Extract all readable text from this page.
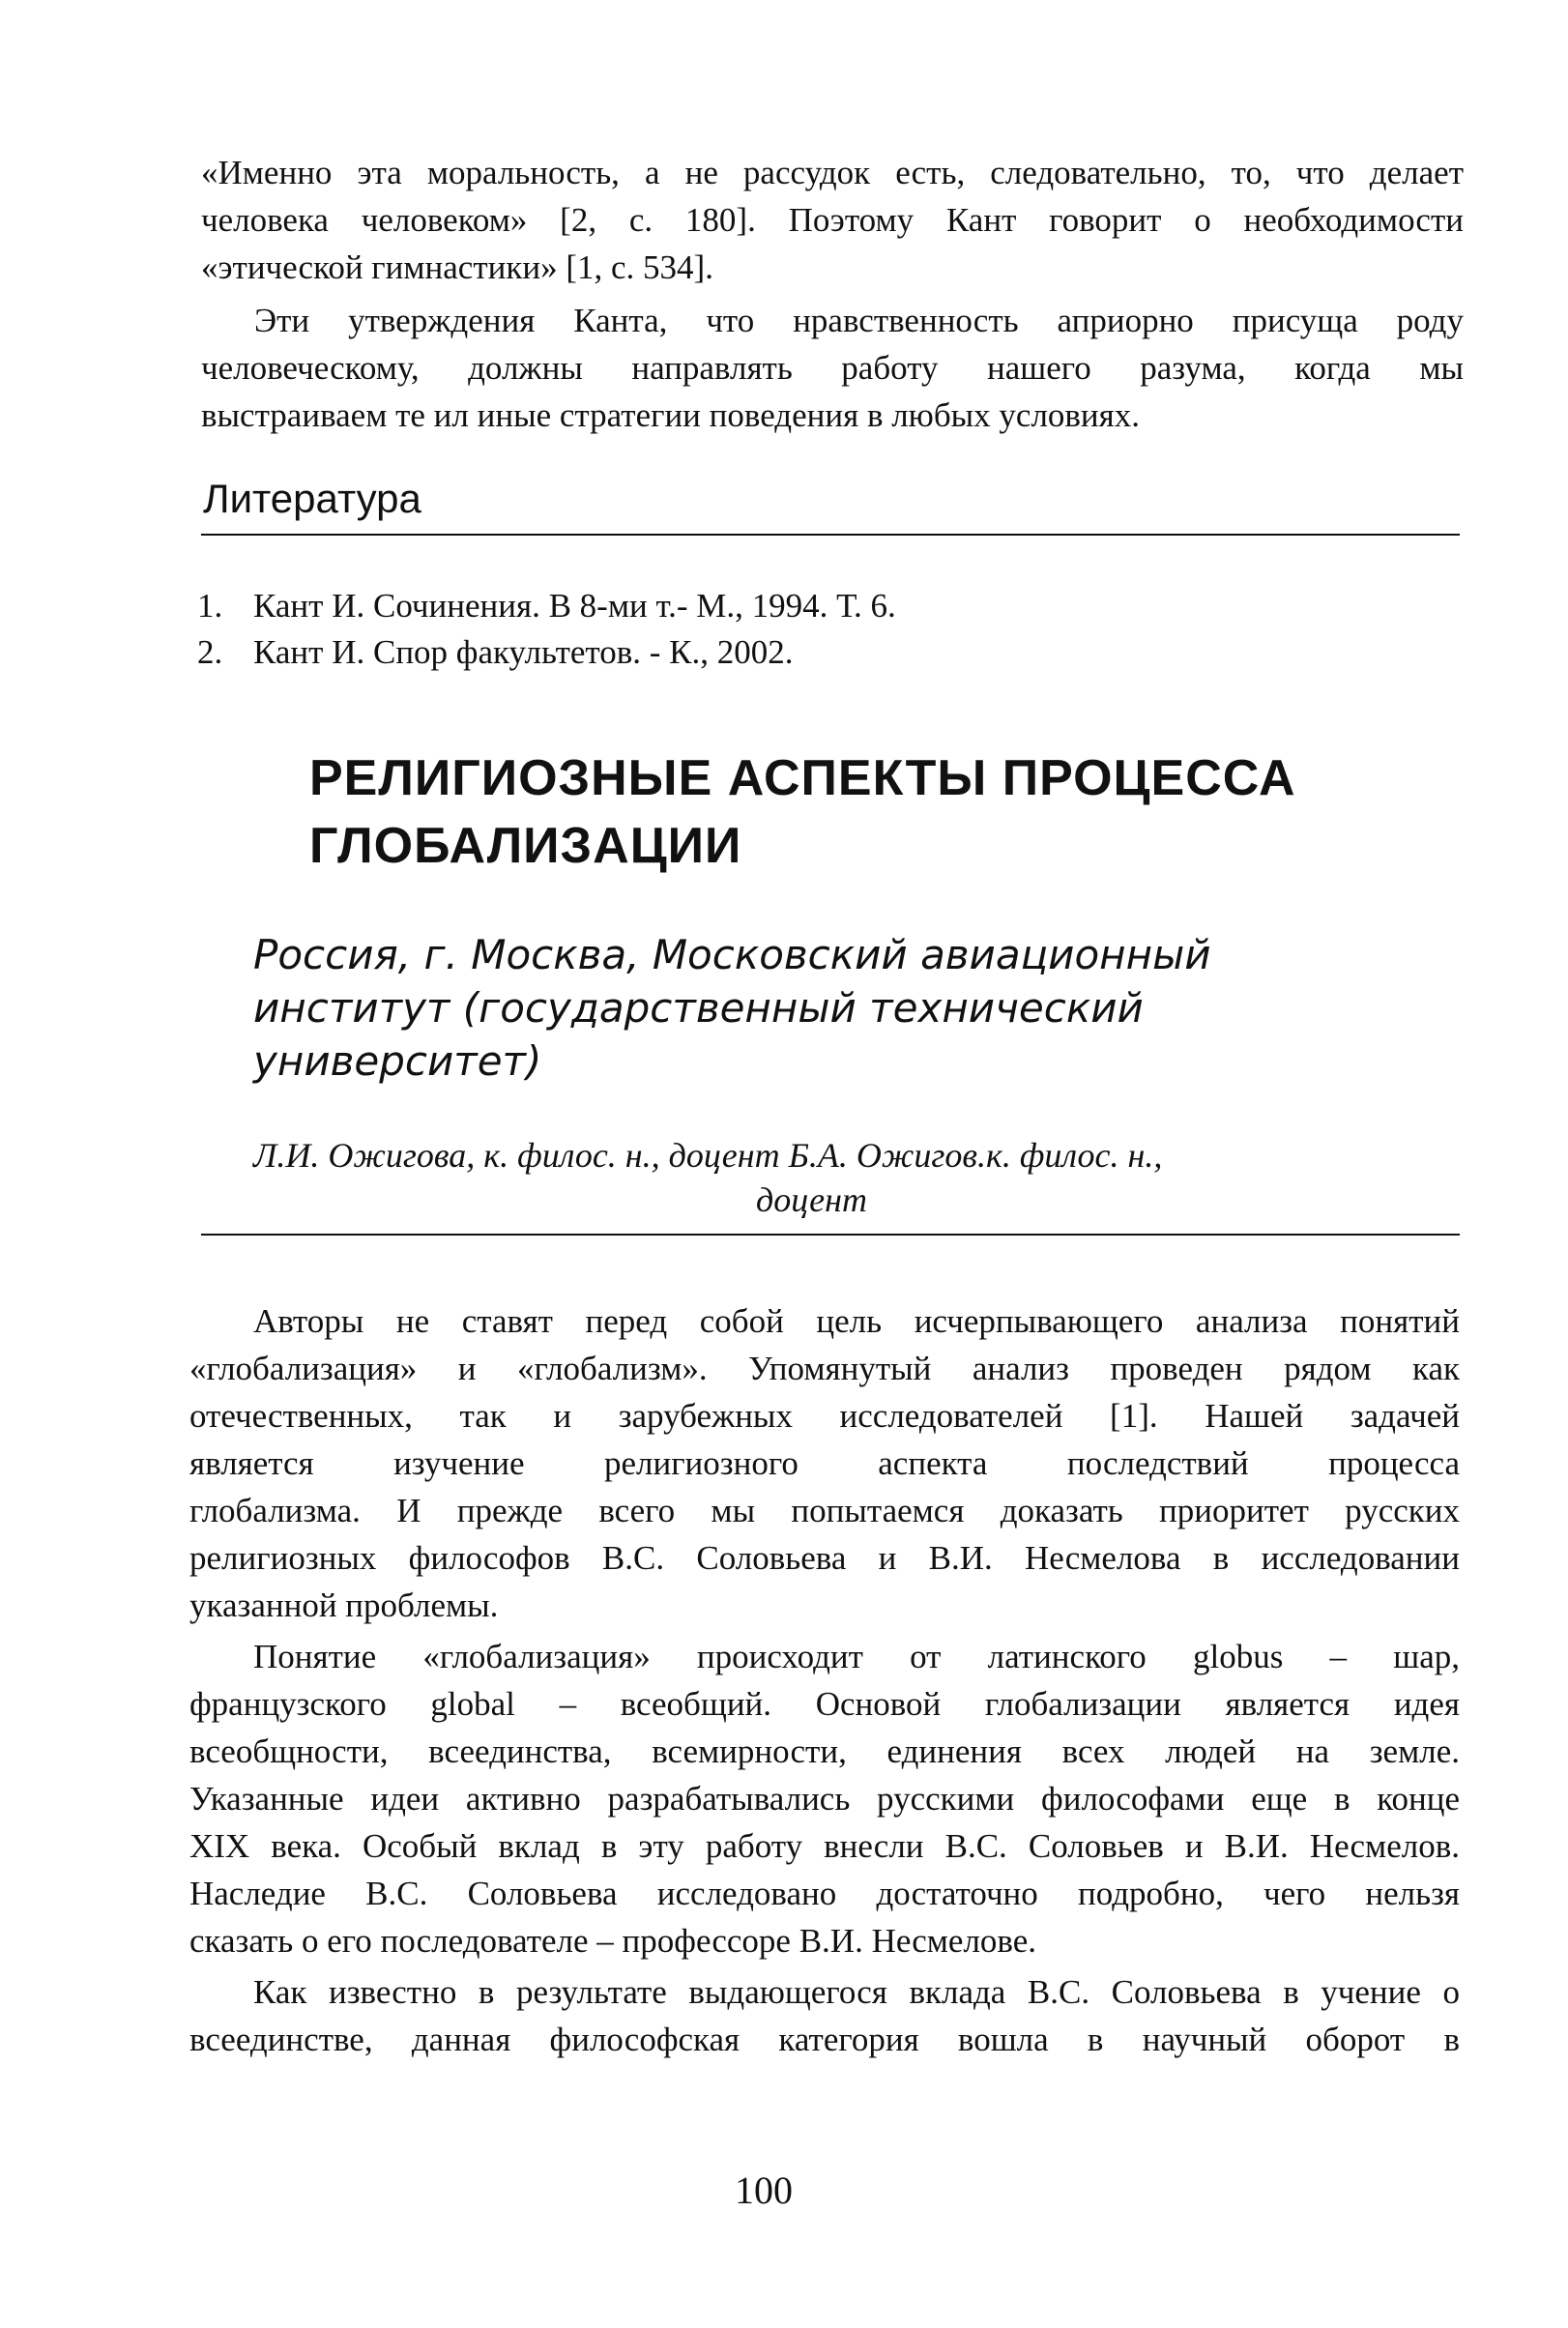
«Именно эта моральность, а не рассудок есть, следовательно, то, что делает
человека человеком» [2, с. 180]. Поэтому Кант говорит о необходимости
«этической гимнастики» [1, с. 534].

Эти утверждения Канта, что нравственность априорно присуща роду
человеческому, должны направлять работу нашего разума, когда мы
выстраиваем те ил иные стратегии поведения в любых условиях.

Литература
1. Кант И. Сочинения. В 8-ми т.- М., 1994. Т. 6.
2. Кант И. Спор факультетов. - К., 2002.
РЕЛИГИОЗНЫЕ АСПЕКТЫ ПРОЦЕССА
ГЛОБАЛИЗАЦИИ
Россия, г. Москва, Московский авиационный
институт (государственный технический
университет)
Л.И. Ожигова, к. филос. н., доцент Б.А. Ожигов.к. филос. н.,
доцент

Авторы не ставят перед собой цель исчерпывающего анализа понятий
«глобализация» и «глобализм». Упомянутый анализ проведен рядом как
отечественных, так и зарубежных исследователей [1]. Нашей задачей
является изучение религиозного аспекта последствий процесса
глобализма. И прежде всего мы попытаемся доказать приоритет русских
религиозных философов В.С. Соловьева и В.И. Несмелова в исследовании
указанной проблемы.

Понятие «глобализация» происходит от латинского globus – шар,
французского global – всеобщий. Основой глобализации является идея
всеобщности, всеединства, всемирности, единения всех людей на земле.
Указанные идеи активно разрабатывались русскими философами еще в конце
XIX века. Особый вклад в эту работу внесли В.С. Соловьев и В.И. Несмелов.
Наследие В.С. Соловьева исследовано достаточно подробно, чего нельзя
сказать о его последователе – профессоре В.И. Несмелове.

Как известно в результате выдающегося вклада В.С. Соловьева в учение о
всеединстве, данная философская категория вошла в научный оборот в

100
